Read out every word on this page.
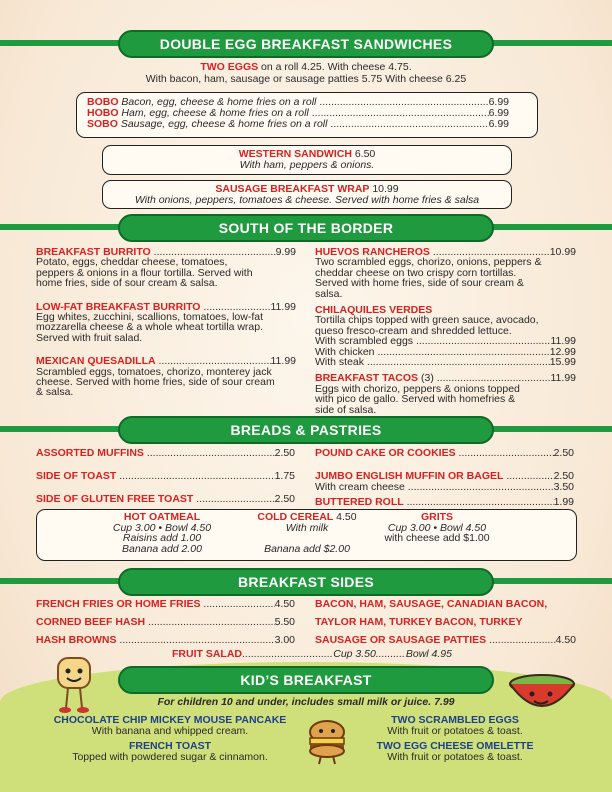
DOUBLE EGG BREAKFAST SANDWICHES
TWO EGGS on a roll 4.25. With cheese 4.75.
With bacon, ham, sausage or sausage patties 5.75 With cheese 6.25
BOBO Bacon, egg, cheese & home fries on a roll .....	6.99
HOBO Ham, egg, cheese & home fries on a roll .....	6.99
SOBO Sausage, egg, cheese & home fries on a roll .....	6.99
WESTERN SANDWICH 6.50
With ham, peppers & onions.
SAUSAGE BREAKFAST WRAP 10.99
With onions, peppers, tomatoes & cheese. Served with home fries & salsa
SOUTH OF THE BORDER
BREAKFAST BURRITO .....	9.99
Potato, eggs, cheddar cheese, tomatoes, peppers & onions in a flour tortilla. Served with home fries, side of sour cream & salsa.
LOW-FAT BREAKFAST BURRITO .....	11.99
Egg whites, zucchini, scallions, tomatoes, low-fat mozzarella cheese & a whole wheat tortilla wrap. Served with fruit salad.
MEXICAN QUESADILLA .....	11.99
Scrambled eggs, tomatoes, chorizo, monterey jack cheese. Served with home fries, side of sour cream & salsa.
HUEVOS RANCHEROS .....	10.99
Two scrambled eggs, chorizo, onions, peppers & cheddar cheese on two crispy corn tortillas. Served with home fries, side of sour cream & salsa.
CHILAQUILES VERDES
Tortilla chips topped with green sauce, avocado, queso fresco-cream and shredded lettuce.
With scrambled eggs .....	11.99
With chicken .....	12.99
With steak .....	15.99
BREAKFAST TACOS (3) .....	11.99
Eggs with chorizo, peppers & onions topped with pico de gallo. Served with homefries & side of salsa.
BREADS & PASTRIES
ASSORTED MUFFINS .....	2.50
SIDE OF TOAST .....	1.75
SIDE OF GLUTEN FREE TOAST .....	2.50
POUND CAKE OR COOKIES .....	2.50
JUMBO ENGLISH MUFFIN OR BAGEL .....	2.50
With cream cheese .....	3.50
BUTTERED ROLL .....	1.99
HOT OATMEAL
Cup 3.00 • Bowl 4.50
Raisins add 1.00
Banana add 2.00
COLD CEREAL 4.50
With milk

Banana add $2.00
GRITS
Cup 3.00 • Bowl 4.50
with cheese add $1.00
BREAKFAST SIDES
FRENCH FRIES OR HOME FRIES .....	4.50
CORNED BEEF HASH .....	5.50
HASH BROWNS .....	3.00
BACON, HAM, SAUSAGE, CANADIAN BACON,
TAYLOR HAM, TURKEY BACON, TURKEY
SAUSAGE OR SAUSAGE PATTIES .....	4.50
FRUIT SALAD
.....	Cup 3.50 .......... Bowl 4.95
KID’S BREAKFAST
For children 10 and under, includes small milk or juice. 7.99
CHOCOLATE CHIP MICKEY MOUSE PANCAKE
With banana and whipped cream.
TWO SCRAMBLED EGGS
With fruit or potatoes & toast.
FRENCH TOAST
Topped with powdered sugar & cinnamon.
TWO EGG CHEESE OMELETTE
With fruit or potatoes & toast.
